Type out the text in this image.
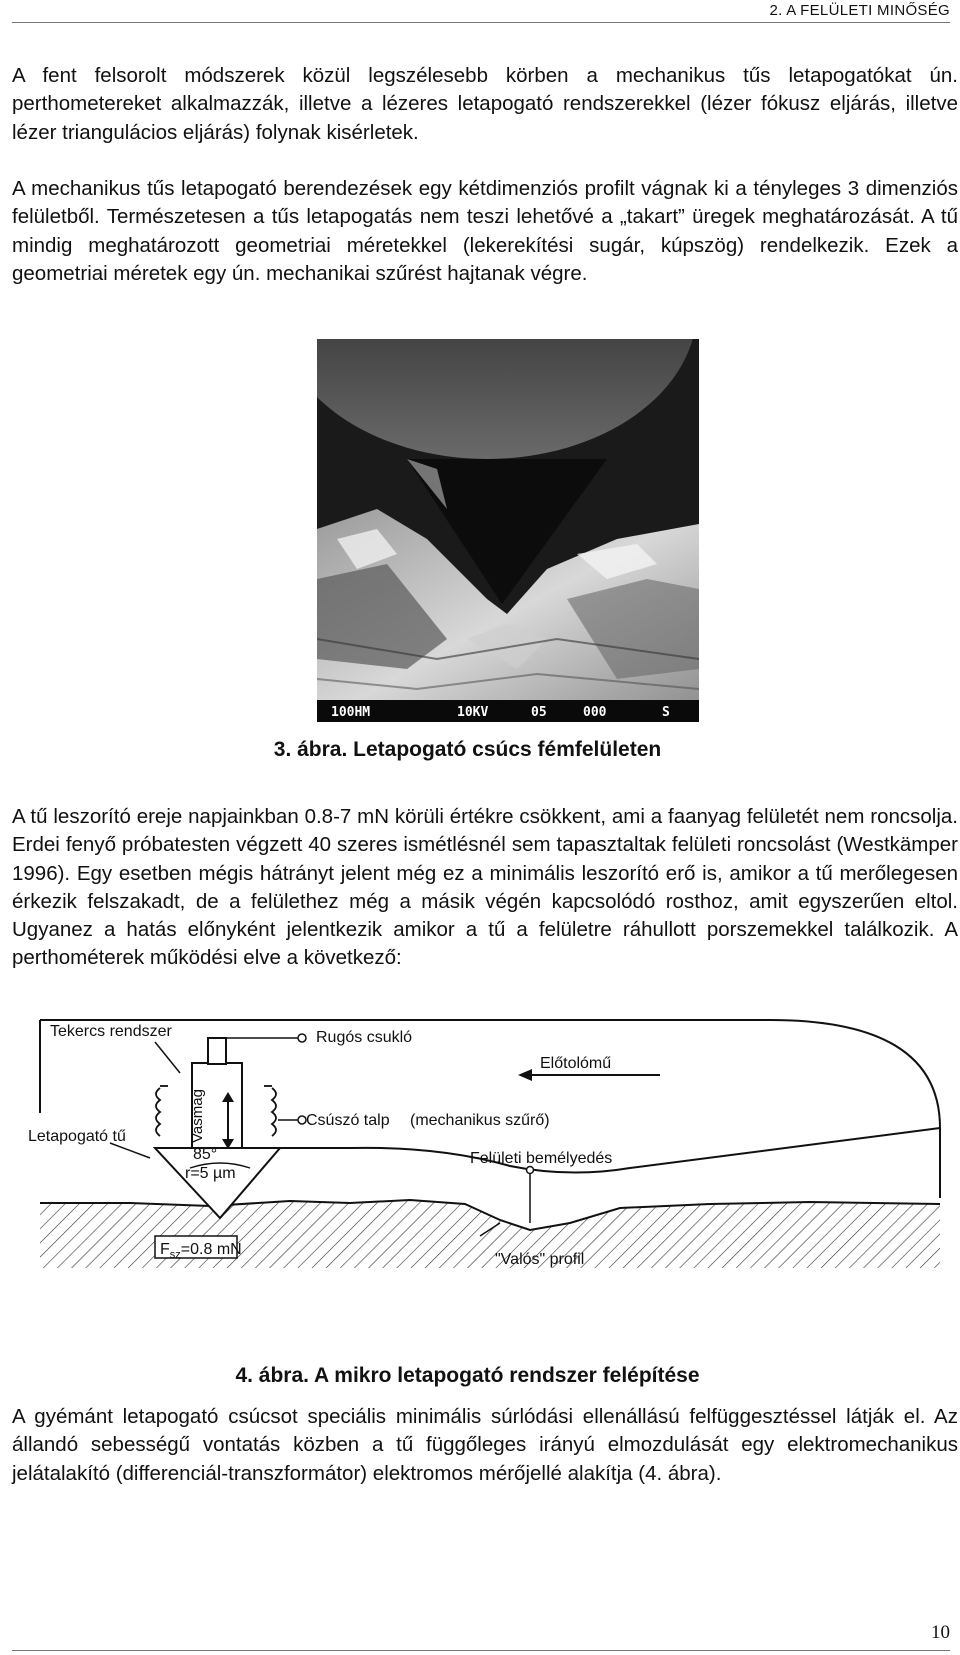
2. A FELÜLETI MINŐSÉG

A fent felsorolt módszerek közül legszélesebb körben a mechanikus tűs letapogatókat ún. perthometereket alkalmazzák, illetve a lézeres letapogató rendszerekkel (lézer fókusz eljárás, illetve lézer triangulácios eljárás) folynak kisérletek.

A mechanikus tűs letapogató berendezések egy kétdimenziós profilt vágnak ki a tényleges 3 dimenziós felületből. Természetesen a tűs letapogatás nem teszi lehetővé a „takart” üregek meghatározását. A tű mindig meghatározott geometriai méretekkel (lekerekítési sugár, kúpszög) rendelkezik. Ezek a geometriai méretek egy ún. mechanikai szűrést hajtanak végre.

100HM	10KV	05	000	S
3. ábra. Letapogató csúcs fémfelületen

A tű leszorító ereje napjainkban 0.8-7 mN körüli értékre csökkent, ami a faanyag felületét nem roncsolja. Erdei fenyő próbatesten végzett 40 szeres ismétlésnél sem tapasztaltak felületi roncsolást (Westkämper 1996). Egy esetben mégis hátrányt jelent még ez a minimális leszorító erő is, amikor a tű merőlegesen érkezik felszakadt, de a felülethez még a másik végén kapcsolódó rosthoz, amit egyszerűen eltol. Ugyanez a hatás előnyként jelentkezik amikor a tű a felületre ráhullott porszemekkel találkozik. A perthométerek működési elve a következő:

Tekercs rendszer	Rugós csukló
Előtolómű
Csúszó talp (mechanikus szűrő)
Letapogató tű
85°
r=5 µm
Felületi bemélyedés
"Valós" profil
$F_{sz}=0.8$ mN
Vasmag
4. ábra. A mikro letapogató rendszer felépítése

A gyémánt letapogató csúcsot speciális minimális súrlódási ellenállású felfüggesztéssel látják el. Az állandó sebességű vontatás közben a tű függőleges irányú elmozdulását egy elektromechanikus jelátalakító (differenciál-transzformátor) elektromos mérőjellé alakítja (4. ábra).

10
